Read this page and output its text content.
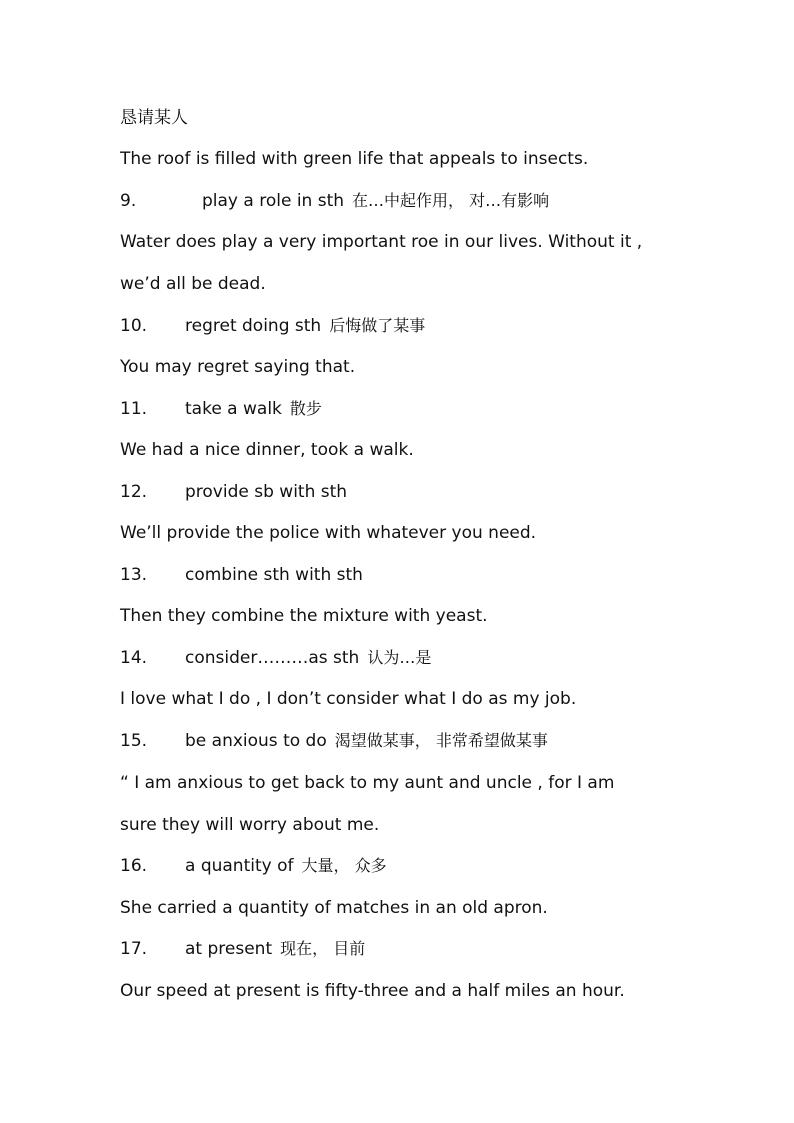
恳请某人
The roof is filled with green life that appeals to insects.
9.	play a role in sth 在…中起作用， 对…有影响
Water does play a very important roe in our lives. Without it ,
we’d all be dead.
10. regret doing sth 后悔做了某事
You may regret saying that.
11. take a walk 散步
We had a nice dinner, took a walk.
12. provide sb with sth
We’ll provide the police with whatever you need.
13. combine sth with sth
Then they combine the mixture with yeast.
14. consider………as sth 认为…是
I love what I do , I don’t consider what I do as my job.
15. be anxious to do 渴望做某事， 非常希望做某事
“ I am anxious to get back to my aunt and uncle , for I am
sure they will worry about me.
16. a quantity of 大量， 众多
She carried a quantity of matches in an old apron.
17. at present 现在， 目前
Our speed at present is fifty-three and a half miles an hour.
